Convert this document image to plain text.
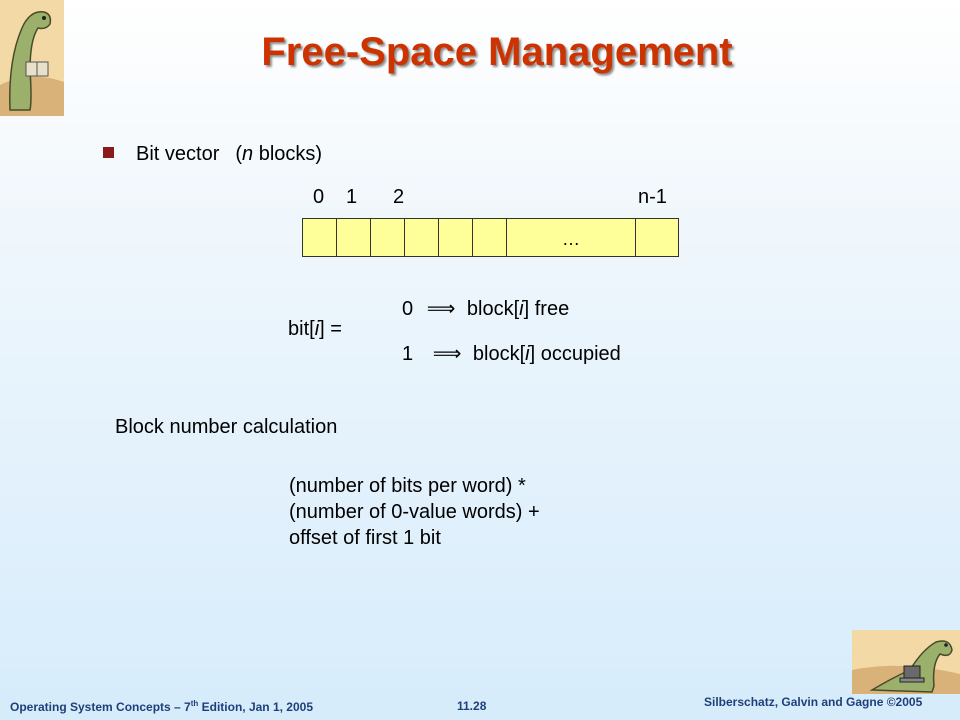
Free-Space Management
Bit vector (n blocks)
0 1 2	n-1
…
bit[i] =
0 ⟹ block[i] free
1 ⟹ block[i] occupied
Block number calculation
(number of bits per word) *
(number of 0-value words) +
offset of first 1 bit
Operating System Concepts – 7th Edition, Jan 1, 2005	11.28	Silberschatz, Galvin and Gagne ©2005
